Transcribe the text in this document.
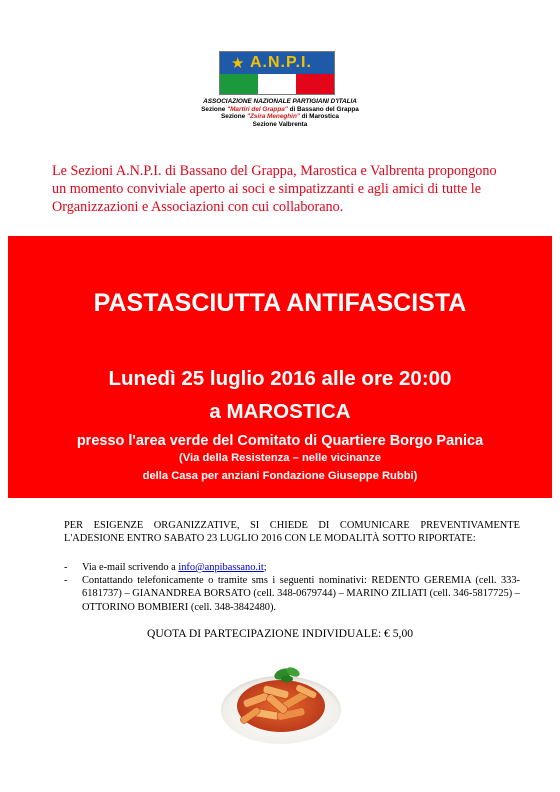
★ A.N.P.I.
ASSOCIAZIONE NAZIONALE PARTIGIANI D'ITALIA
Sezione "Martiri del Grappa" di Bassano del Grappa
Sezione "Zsira Meneghin" di Marostica
Sezione Valbrenta
Le Sezioni A.N.P.I. di Bassano del Grappa, Marostica e Valbrenta propongono un momento conviviale aperto ai soci e simpatizzanti e agli amici di tutte le Organizzazioni e Associazioni con cui collaborano.
PASTASCIUTTA ANTIFASCISTA
Lunedì 25 luglio 2016 alle ore 20:00
a MAROSTICA
presso l'area verde del Comitato di Quartiere Borgo Panica
(Via della Resistenza – nelle vicinanze
della Casa per anziani Fondazione Giuseppe Rubbi)
PER ESIGENZE ORGANIZZATIVE, SI CHIEDE DI COMUNICARE PREVENTIVAMENTE L'ADESIONE ENTRO SABATO 23 LUGLIO 2016 CON LE MODALITÀ SOTTO RIPORTATE:
- Via e-mail scrivendo a info@anpibassano.it;
- Contattando telefonicamente o tramite sms i seguenti nominativi: REDENTO GEREMIA (cell. 333-6181737) – GIANANDREA BORSATO (cell. 348-0679744) – MARINO ZILIATI (cell. 346-5817725) – OTTORINO BOMBIERI (cell. 348-3842480).
QUOTA DI PARTECIPAZIONE INDIVIDUALE: € 5,00
